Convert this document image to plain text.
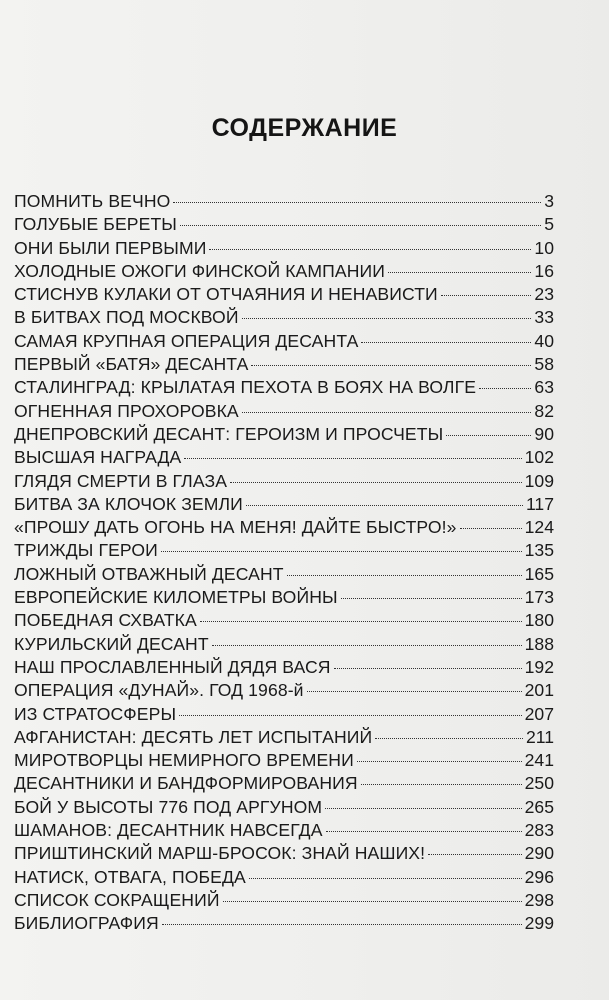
СОДЕРЖАНИЕ
ПОМНИТЬ ВЕЧНО	3
ГОЛУБЫЕ БЕРЕТЫ	5
ОНИ БЫЛИ ПЕРВЫМИ	10
ХОЛОДНЫЕ ОЖОГИ ФИНСКОЙ КАМПАНИИ	16
СТИСНУВ КУЛАКИ ОТ ОТЧАЯНИЯ И НЕНАВИСТИ	23
В БИТВАХ ПОД МОСКВОЙ	33
САМАЯ КРУПНАЯ ОПЕРАЦИЯ ДЕСАНТА	40
ПЕРВЫЙ «БАТЯ» ДЕСАНТА	58
СТАЛИНГРАД: КРЫЛАТАЯ ПЕХОТА В БОЯХ НА ВОЛГЕ	63
ОГНЕННАЯ ПРОХОРОВКА	82
ДНЕПРОВСКИЙ ДЕСАНТ: ГЕРОИЗМ И ПРОСЧЕТЫ	90
ВЫСШАЯ НАГРАДА	102
ГЛЯДЯ СМЕРТИ В ГЛАЗА	109
БИТВА ЗА КЛОЧОК ЗЕМЛИ	117
«ПРОШУ ДАТЬ ОГОНЬ НА МЕНЯ! ДАЙТЕ БЫСТРО!»	124
ТРИЖДЫ ГЕРОИ	135
ЛОЖНЫЙ ОТВАЖНЫЙ ДЕСАНТ	165
ЕВРОПЕЙСКИЕ КИЛОМЕТРЫ ВОЙНЫ	173
ПОБЕДНАЯ СХВАТКА	180
КУРИЛЬСКИЙ ДЕСАНТ	188
НАШ ПРОСЛАВЛЕННЫЙ ДЯДЯ ВАСЯ	192
ОПЕРАЦИЯ «ДУНАЙ». ГОД 1968-й	201
ИЗ СТРАТОСФЕРЫ	207
АФГАНИСТАН: ДЕСЯТЬ ЛЕТ ИСПЫТАНИЙ	211
МИРОТВОРЦЫ НЕМИРНОГО ВРЕМЕНИ	241
ДЕСАНТНИКИ И БАНДФОРМИРОВАНИЯ	250
БОЙ У ВЫСОТЫ 776 ПОД АРГУНОМ	265
ШАМАНОВ: ДЕСАНТНИК НАВСЕГДА	283
ПРИШТИНСКИЙ МАРШ-БРОСОК: ЗНАЙ НАШИХ!	290
НАТИСК, ОТВАГА, ПОБЕДА	296
СПИСОК СОКРАЩЕНИЙ	298
БИБЛИОГРАФИЯ	299
